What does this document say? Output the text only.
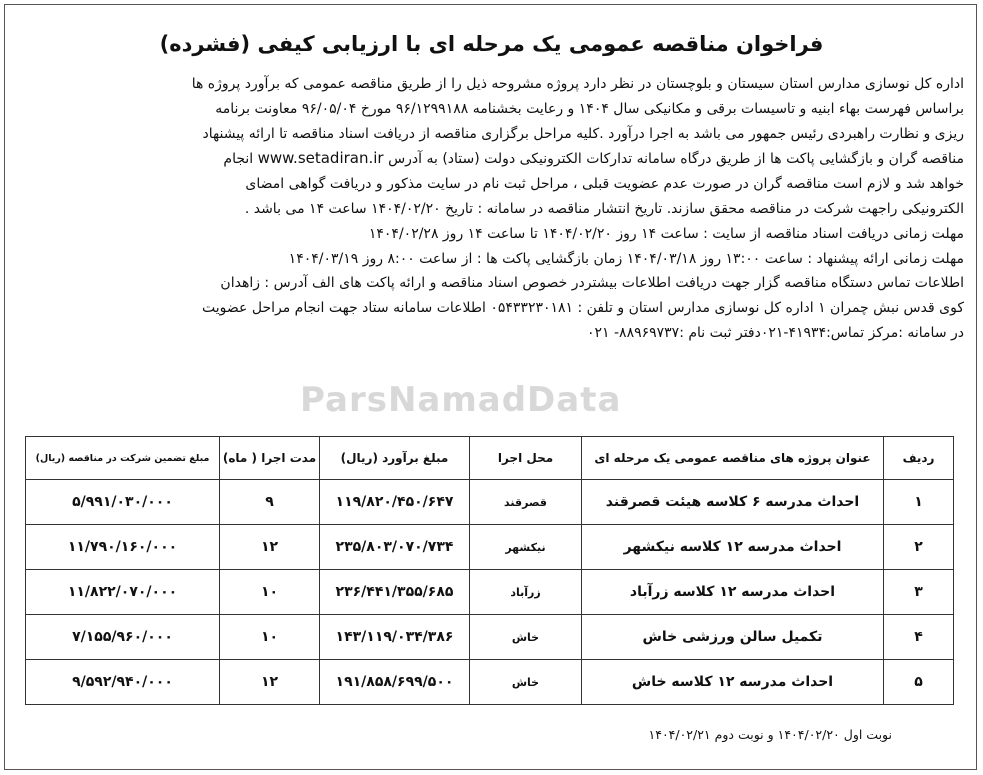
ParsNamadData
فراخوان مناقصه عمومی یک مرحله ای با ارزیابی کیفی (فشرده)
اداره کل نوسازی مدارس استان سیستان و بلوچستان در نظر دارد پروژه مشروحه ذیل را از طریق مناقصه عمومی که برآورد پروژه ها
براساس فهرست بهاء ابنیه و تاسیسات برقی و مکانیکی سال ۱۴۰۴ و رعایت بخشنامه ۹۶/۱۲۹۹۱۸۸ مورخ ۹۶/۰۵/۰۴ معاونت برنامه
ریزی و نظارت راهبردی رئیس جمهور می باشد به اجرا درآورد .کلیه مراحل برگزاری مناقصه از دریافت اسناد مناقصه تا ارائه پیشنهاد
مناقصه گران و بازگشایی پاکت ها از طریق درگاه سامانه تدارکات الکترونیکی دولت (ستاد) به آدرس www.setadiran.ir انجام
خواهد شد و لازم است مناقصه گران در صورت عدم عضویت قبلی ، مراحل ثبت نام در سایت مذکور و دریافت گواهی امضای
الکترونیکی راجهت شرکت در مناقصه محقق سازند. تاریخ انتشار مناقصه در سامانه : تاریخ ۱۴۰۴/۰۲/۲۰ ساعت ۱۴ می باشد .
مهلت زمانی دریافت اسناد مناقصه از سایت : ساعت ۱۴ روز ۱۴۰۴/۰۲/۲۰ تا ساعت ۱۴ روز ۱۴۰۴/۰۲/۲۸
مهلت زمانی ارائه پیشنهاد : ساعت ۱۳:۰۰ روز ۱۴۰۴/۰۳/۱۸ زمان بازگشایی پاکت ها : از ساعت ۸:۰۰ روز ۱۴۰۴/۰۳/۱۹
اطلاعات تماس دستگاه مناقصه گزار جهت دریافت اطلاعات بیشتردر خصوص اسناد مناقصه و ارائه پاکت های الف آدرس : زاهدان
کوی قدس نبش چمران ۱ اداره کل نوسازی مدارس استان و تلفن : ۰۵۴۳۳۲۳۰۱۸۱ اطلاعات سامانه ستاد جهت انجام مراحل عضویت
در سامانه :مرکز تماس:۴۱۹۳۴-۰۲۱دفتر ثبت نام :۸۸۹۶۹۷۳۷- ۰۲۱
ردیف	عنوان پروژه های مناقصه عمومی یک مرحله ای	محل اجرا	مبلغ برآورد (ریال)	مدت اجرا ( ماه)	مبلغ تضمین شرکت در مناقصه (ریال)
۱	احداث مدرسه ۶ کلاسه هیئت قصرقند	قصرقند	۱۱۹/۸۲۰/۴۵۰/۶۴۷	۹	۵/۹۹۱/۰۳۰/۰۰۰
۲	احداث مدرسه ۱۲ کلاسه نیکشهر	نیکشهر	۲۳۵/۸۰۳/۰۷۰/۷۳۴	۱۲	۱۱/۷۹۰/۱۶۰/۰۰۰
۳	احداث مدرسه ۱۲ کلاسه زرآباد	زرآباد	۲۳۶/۴۴۱/۳۵۵/۶۸۵	۱۰	۱۱/۸۲۲/۰۷۰/۰۰۰
۴	تکمیل سالن ورزشی خاش	خاش	۱۴۳/۱۱۹/۰۳۴/۳۸۶	۱۰	۷/۱۵۵/۹۶۰/۰۰۰
۵	احداث مدرسه ۱۲ کلاسه خاش	خاش	۱۹۱/۸۵۸/۶۹۹/۵۰۰	۱۲	۹/۵۹۲/۹۴۰/۰۰۰
نوبت اول ۱۴۰۴/۰۲/۲۰ و نوبت دوم ۱۴۰۴/۰۲/۲۱
